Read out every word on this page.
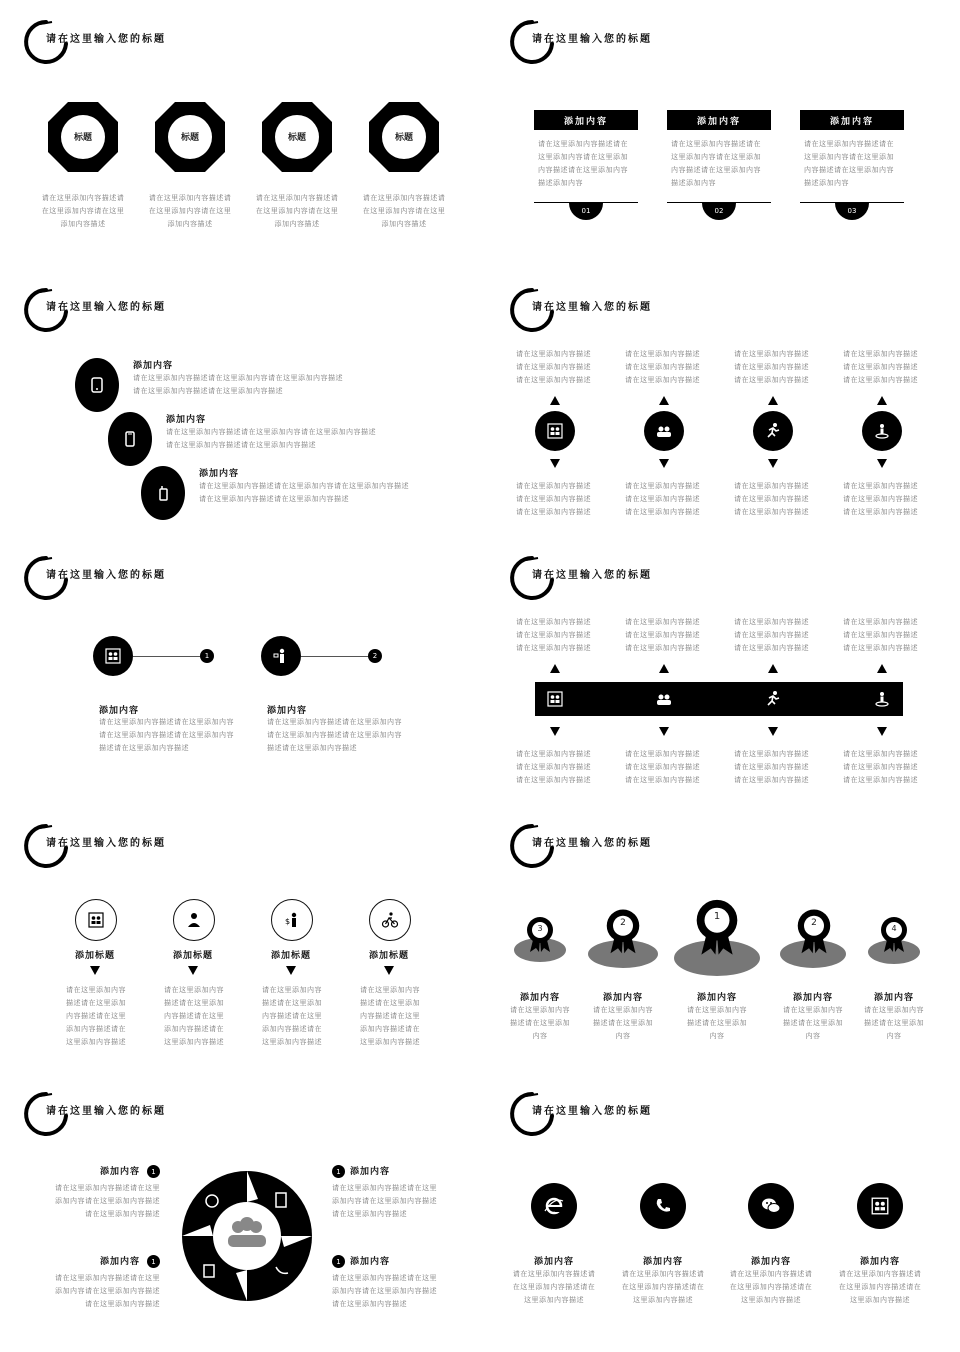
请在这里输入您的标题
标题	标题	标题	标题
请在这里添加内容描述请在这里添加内容请在这里添加内容描述
请在这里添加内容描述请在这里添加内容请在这里添加内容描述
请在这里添加内容描述请在这里添加内容请在这里添加内容描述
请在这里添加内容描述请在这里添加内容请在这里添加内容描述
请在这里输入您的标题
添加内容	添加内容	添加内容
请在这里添加内容描述请在这里添加内容请在这里添加内容描述请在这里添加内容描述添加内容
请在这里添加内容描述请在这里添加内容请在这里添加内容描述请在这里添加内容描述添加内容
请在这里添加内容描述请在这里添加内容请在这里添加内容描述请在这里添加内容描述添加内容
01	02	03
请在这里输入您的标题
添加内容
请在这里添加内容描述请在这里添加内容请在这里添加内容描述请在这里添加内容描述请在这里添加内容描述
添加内容
请在这里添加内容描述请在这里添加内容请在这里添加内容描述请在这里添加内容描述请在这里添加内容描述
添加内容
请在这里添加内容描述请在这里添加内容请在这里添加内容描述请在这里添加内容描述请在这里添加内容描述
请在这里输入您的标题
请在这里添加内容描述请在这里添加内容描述请在这里添加内容描述
请在这里添加内容描述请在这里添加内容描述请在这里添加内容描述
请在这里添加内容描述请在这里添加内容描述请在这里添加内容描述
请在这里添加内容描述请在这里添加内容描述请在这里添加内容描述
请在这里添加内容描述请在这里添加内容描述请在这里添加内容描述
请在这里添加内容描述请在这里添加内容描述请在这里添加内容描述
请在这里添加内容描述请在这里添加内容描述请在这里添加内容描述
请在这里添加内容描述请在这里添加内容描述请在这里添加内容描述
请在这里输入您的标题
1	2
添加内容
请在这里添加内容描述请在这里添加内容请在这里添加内容描述请在这里添加内容描述请在这里添加内容描述
添加内容
请在这里添加内容描述请在这里添加内容请在这里添加内容描述请在这里添加内容描述请在这里添加内容描述
请在这里输入您的标题
请在这里添加内容描述请在这里添加内容描述请在这里添加内容描述
请在这里添加内容描述请在这里添加内容描述请在这里添加内容描述
请在这里添加内容描述请在这里添加内容描述请在这里添加内容描述
请在这里添加内容描述请在这里添加内容描述请在这里添加内容描述
请在这里添加内容描述请在这里添加内容描述请在这里添加内容描述
请在这里添加内容描述请在这里添加内容描述请在这里添加内容描述
请在这里添加内容描述请在这里添加内容描述请在这里添加内容描述
请在这里添加内容描述请在这里添加内容描述请在这里添加内容描述
请在这里输入您的标题
$
添加标题	添加标题	添加标题	添加标题
请在这里添加内容描述请在这里添加内容描述请在这里添加内容描述请在这里添加内容描述
请在这里添加内容描述请在这里添加内容描述请在这里添加内容描述请在这里添加内容描述
请在这里添加内容描述请在这里添加内容描述请在这里添加内容描述请在这里添加内容描述
请在这里添加内容描述请在这里添加内容描述请在这里添加内容描述请在这里添加内容描述
请在这里输入您的标题
3
2
1
2
4
添加内容	添加内容	添加内容	添加内容	添加内容
请在这里添加内容描述请在这里添加内容
请在这里添加内容描述请在这里添加内容
请在这里添加内容描述请在这里添加内容
请在这里添加内容描述请在这里添加内容
请在这里添加内容描述请在这里添加内容
请在这里输入您的标题
添加内容	1
请在这里添加内容描述请在这里添加内容请在这里添加内容描述请在这里添加内容描述
添加内容	1
请在这里添加内容描述请在这里添加内容请在这里添加内容描述请在这里添加内容描述
1	添加内容
请在这里添加内容描述请在这里添加内容请在这里添加内容描述请在这里添加内容描述
1	添加内容
请在这里添加内容描述请在这里添加内容请在这里添加内容描述请在这里添加内容描述
请在这里输入您的标题
添加内容	添加内容	添加内容	添加内容
请在这里添加内容描述请在这里添加内容描述请在这里添加内容描述
请在这里添加内容描述请在这里添加内容描述请在这里添加内容描述
请在这里添加内容描述请在这里添加内容描述请在这里添加内容描述
请在这里添加内容描述请在这里添加内容描述请在这里添加内容描述
